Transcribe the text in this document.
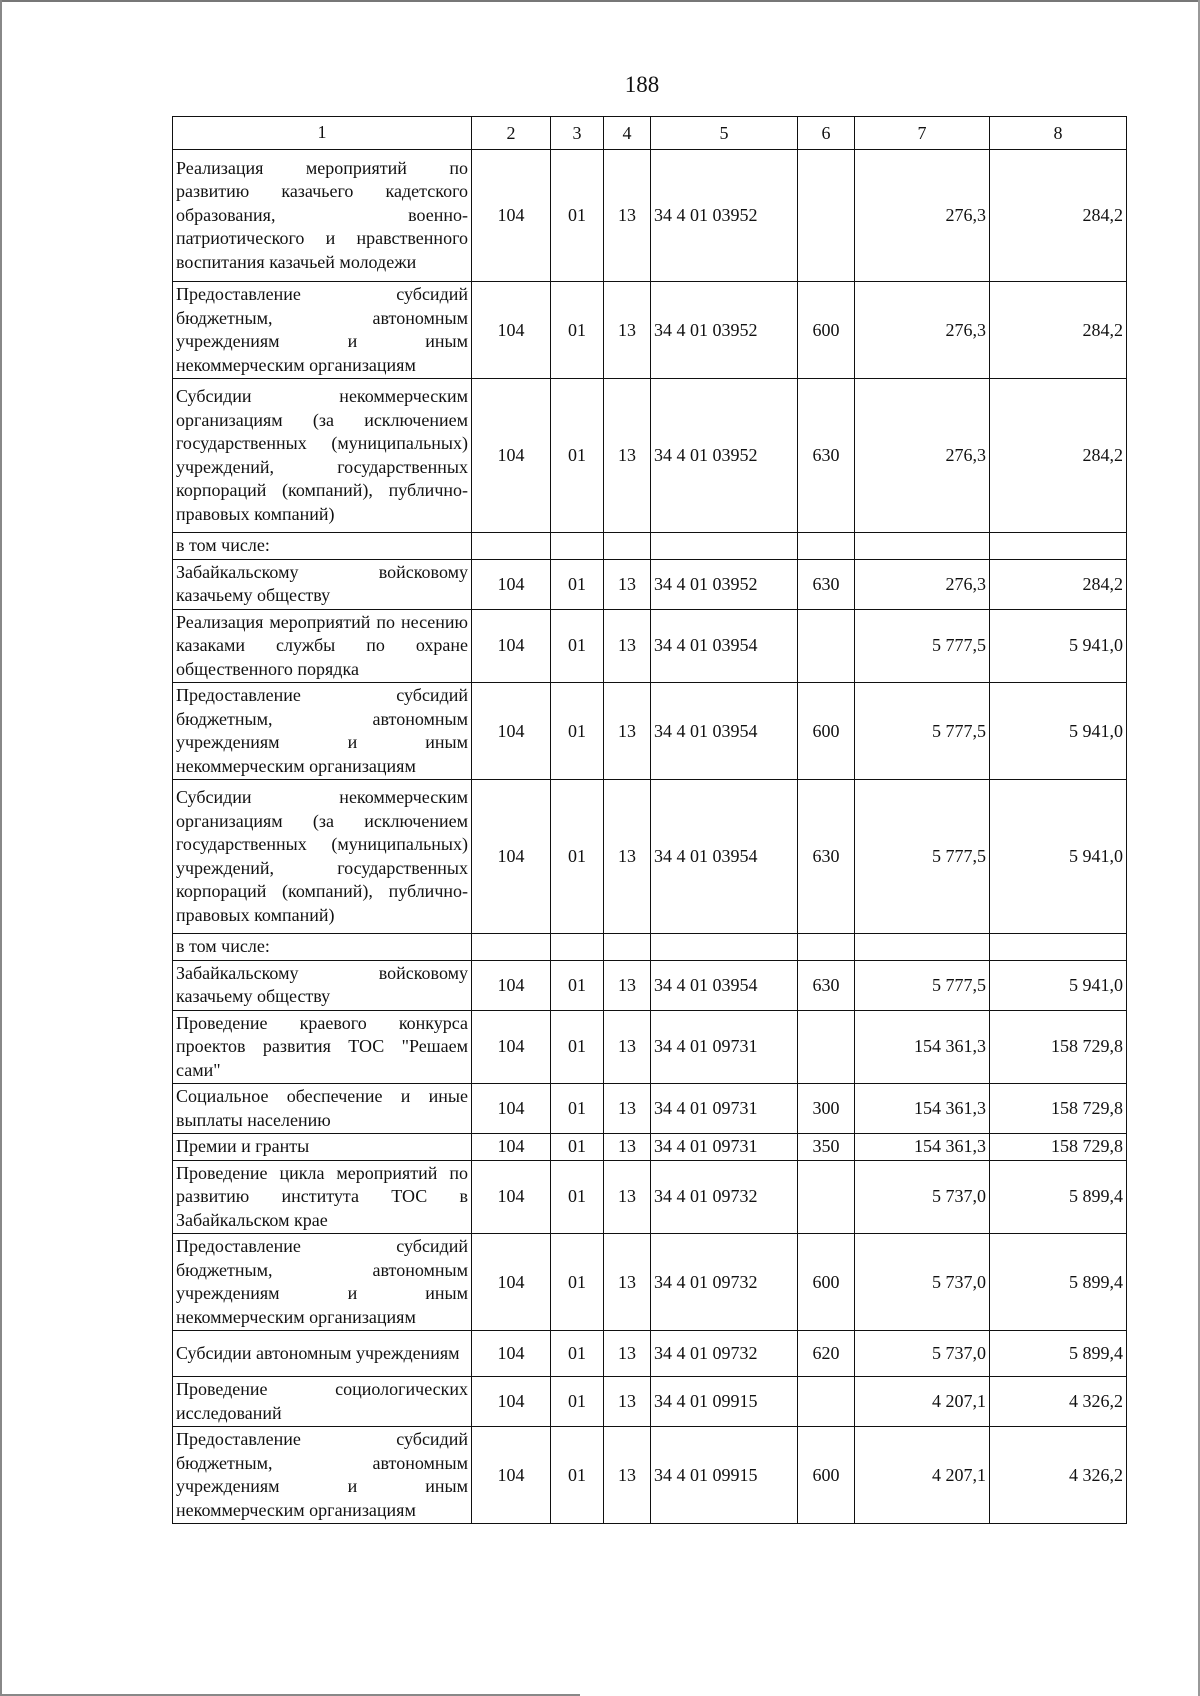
188
1	2	3	4	5	6	7	8
Реализация мероприятий по развитию казачьего кадетского образования, военно-патриотического и нравственного воспитания казачьей молодежи	104	01	13	34 4 01 03952		276,3	284,2
Предоставление субсидий бюджетным, автономным учреждениям и иным некоммерческим организациям	104	01	13	34 4 01 03952	600	276,3	284,2
Субсидии некоммерческим организациям (за исключением государственных (муниципальных) учреждений, государственных корпораций (компаний), публично-правовых компаний)	104	01	13	34 4 01 03952	630	276,3	284,2
в том числе:							
Забайкальскому войсковому казачьему обществу	104	01	13	34 4 01 03952	630	276,3	284,2
Реализация мероприятий по несению казаками службы по охране общественного порядка	104	01	13	34 4 01 03954		5 777,5	5 941,0
Предоставление субсидий бюджетным, автономным учреждениям и иным некоммерческим организациям	104	01	13	34 4 01 03954	600	5 777,5	5 941,0
Субсидии некоммерческим организациям (за исключением государственных (муниципальных) учреждений, государственных корпораций (компаний), публично-правовых компаний)	104	01	13	34 4 01 03954	630	5 777,5	5 941,0
в том числе:							
Забайкальскому войсковому казачьему обществу	104	01	13	34 4 01 03954	630	5 777,5	5 941,0
Проведение краевого конкурса проектов развития ТОС "Решаем сами"	104	01	13	34 4 01 09731		154 361,3	158 729,8
Социальное обеспечение и иные выплаты населению	104	01	13	34 4 01 09731	300	154 361,3	158 729,8
Премии и гранты	104	01	13	34 4 01 09731	350	154 361,3	158 729,8
Проведение цикла мероприятий по развитию института ТОС в Забайкальском крае	104	01	13	34 4 01 09732		5 737,0	5 899,4
Предоставление субсидий бюджетным, автономным учреждениям и иным некоммерческим организациям	104	01	13	34 4 01 09732	600	5 737,0	5 899,4
Субсидии автономным учреждениям	104	01	13	34 4 01 09732	620	5 737,0	5 899,4
Проведение социологических исследований	104	01	13	34 4 01 09915		4 207,1	4 326,2
Предоставление субсидий бюджетным, автономным учреждениям и иным некоммерческим организациям	104	01	13	34 4 01 09915	600	4 207,1	4 326,2
